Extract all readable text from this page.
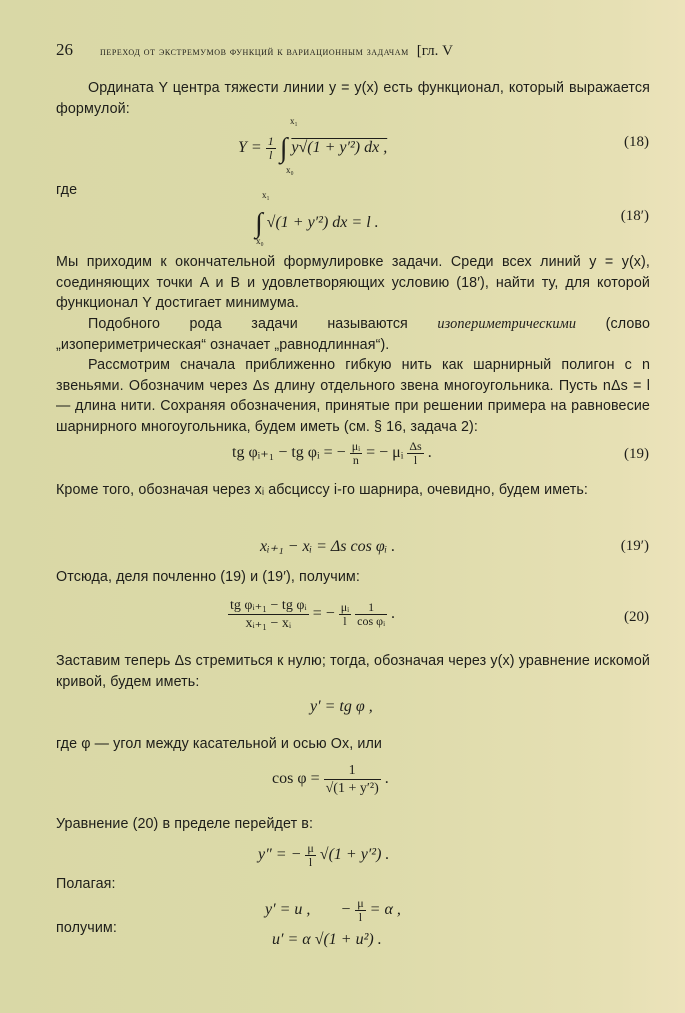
26	переход от экстремумов функций к вариационным задачам [гл. V
Ордината Y центра тяжести линии y = y(x) есть функционал, который выражается формулой:
$Y = \frac{1}{l}$ ∫ y√(1 + y′²) dx ,
x₁
x₀
(18)
где
∫ √(1 + y′²) dx = l .
x₁
x₀
(18′)
Мы приходим к окончательной формулировке задачи. Среди всех линий y = y(x), соединяющих точки A и B и удовлетворяющих условию (18′), найти ту, для которой функционал Y достигает минимума.
Подобного рода задачи называются изопериметрическими (слово „изопериметрическая“ означает „равнодлинная“).
Рассмотрим сначала приближенно гибкую нить как шарнирный полигон с n звеньями. Обозначим через Δs длину отдельного звена многоугольника. Пусть nΔs = l — длина нити. Сохраняя обозначения, принятые при решении примера на равновесие шарнирного многоугольника, будем иметь (см. § 16, задача 2):
tg φᵢ₊₁ − tg φᵢ = − $\frac{\text{μᵢ}}{n}$ = − μᵢ $\frac{\Delta s}{l}$ .	(19)
Кроме того, обозначая через xᵢ абсциссу i-го шарнира, очевидно, будем иметь:
xᵢ₊₁ − xᵢ = Δs cos φᵢ .	(19′)
Отсюда, деля почленно (19) и (19′), получим:
$\frac{\text{tg φᵢ₊₁ − tg φᵢ}}{\text{xᵢ₊₁ − xᵢ}}$ = − $\frac{\text{μᵢ}}{l}$
$\frac{1}{\text{cos φᵢ}}$ .	(20)
Заставим теперь Δs стремиться к нулю; тогда, обозначая через y(x) уравнение искомой кривой, будем иметь:
y′ = tg φ ,
где φ — угол между касательной и осью Ox, или
$\cos \varphi = \frac{1}{\text{√(1 + y′²)}}$ .
Уравнение (20) в пределе перейдет в:
y″ = − $\frac{\mu}{l} √(1 + y'^2)$ .
Полагая:
y′ = u , − $\frac{\mu}{l} = \alpha$ ,
получим:
u′ = α √(1 + u²) .
